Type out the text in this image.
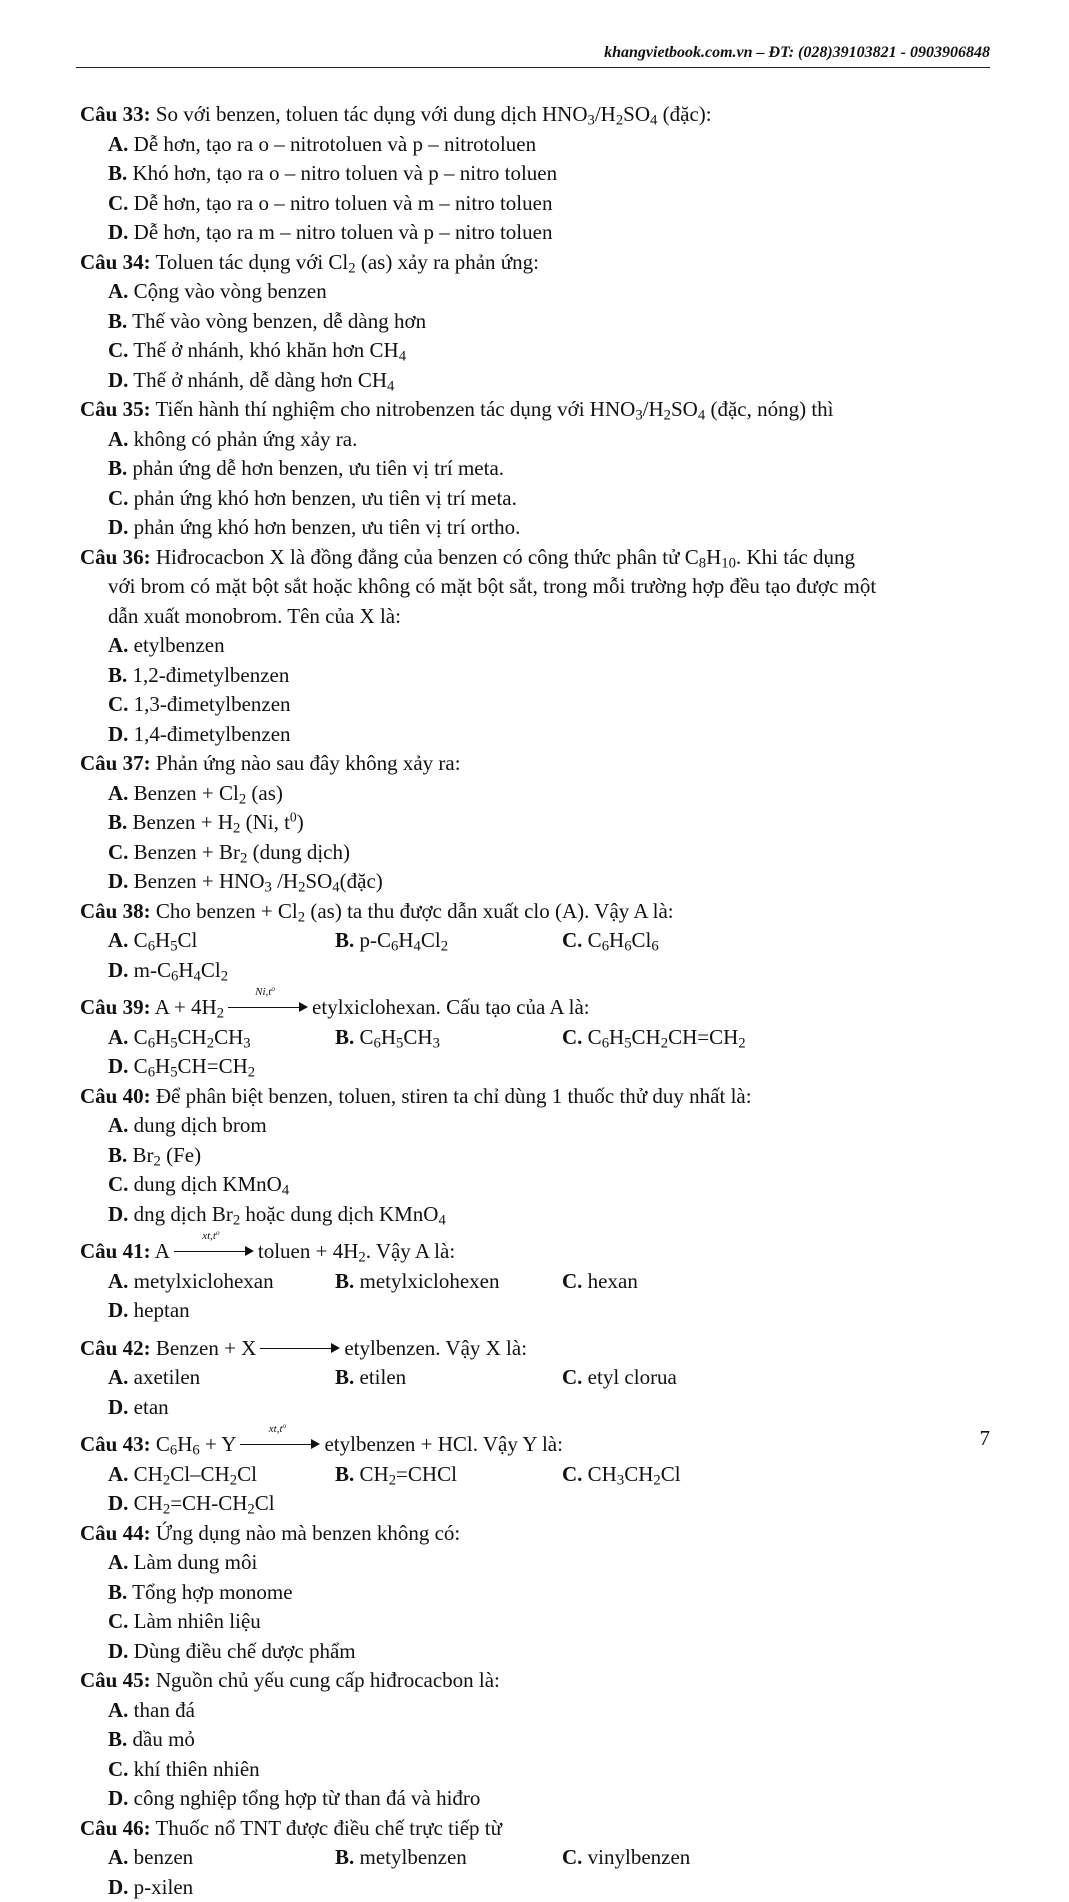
khangvietbook.com.vn – ĐT: (028)39103821 - 0903906848
Câu 33: So với benzen, toluen tác dụng với dung dịch $HNO_3/H_2SO_4$ (đặc):
A. Dễ hơn, tạo ra o – nitrotoluen và p – nitrotoluen
B. Khó hơn, tạo ra o – nitro toluen và p – nitro toluen
C. Dễ hơn, tạo ra o – nitro toluen và m – nitro toluen
D. Dễ hơn, tạo ra m – nitro toluen và p – nitro toluen
Câu 34: Toluen tác dụng với $Cl_2$ (as) xảy ra phản ứng:
A. Cộng vào vòng benzen
B. Thế vào vòng benzen, dễ dàng hơn
C. Thế ở nhánh, khó khăn hơn $CH_4$
D. Thế ở nhánh, dễ dàng hơn $CH_4$
Câu 35: Tiến hành thí nghiệm cho nitrobenzen tác dụng với $HNO_3/H_2SO_4$ (đặc, nóng) thì
A. không có phản ứng xảy ra.
B. phản ứng dễ hơn benzen, ưu tiên vị trí meta.
C. phản ứng khó hơn benzen, ưu tiên vị trí meta.
D. phản ứng khó hơn benzen, ưu tiên vị trí ortho.
Câu 36: Hiđrocacbon X là đồng đẳng của benzen có công thức phân tử $C_8H_{10}$. Khi tác dụng
với brom có mặt bột sắt hoặc không có mặt bột sắt, trong mỗi trường hợp đều tạo được một
dẫn xuất monobrom. Tên của X là:
A. etylbenzen
B. 1,2-đimetylbenzen
C. 1,3-đimetylbenzen
D. 1,4-đimetylbenzen
Câu 37: Phản ứng nào sau đây không xảy ra:
A. Benzen + $Cl_2$ (as)
B. Benzen + $H_2$ (Ni, $t^0$)
C. Benzen + $Br_2$ (dung dịch)
D. Benzen + $HNO_3$ $/H_2SO_4(đặc)$
Câu 38: Cho benzen + $Cl_2$ (as) ta thu được dẫn xuất clo (A). Vậy A là:
A. $C_6H_5Cl$	B. $p-C_6H_4Cl_2$	C. $C_6H_6Cl_6$
D. $m-C_6H_4Cl_2$
Câu 39: $A + 4H_2$
$Ni,t^o$
etylxiclohexan. Cấu tạo của A là:
A. $C_6H_5CH_2CH_3$	B. $C_6H_5CH_3$	C. $C_6H_5CH_2CH=CH_2$
D. $C_6H_5CH=CH_2$
Câu 40: Để phân biệt benzen, toluen, stiren ta chỉ dùng 1 thuốc thử duy nhất là:
A. dung dịch brom
B. $Br_2$ (Fe)
C. dung dịch KMnO$_4$
D. dng dịch $Br_2$ hoặc dung dịch KMnO$_4$
Câu 41: A
$xt,t^o$
toluen + $4H_2$. Vậy A là:
A. metylxiclohexan	B. metylxiclohexen	C. hexan
D. heptan
Câu 42: Benzen + X	etylbenzen. Vậy X là:
A. axetilen	B. etilen	C. etyl clorua
D. etan
Câu 43: $C_6H_6 + Y$
$xt,t^o$
etylbenzen + HCl. Vậy Y là:
A. $CH_2Cl-CH_2Cl$	B. $CH_2=CHCl$	C. $CH_3CH_2Cl$
D. $CH_2=CH-CH_2Cl$
Câu 44: Ứng dụng nào mà benzen không có:
A. Làm dung môi
B. Tổng hợp monome
C. Làm nhiên liệu
D. Dùng điều chế dược phẩm
Câu 45: Nguồn chủ yếu cung cấp hiđrocacbon là:
A. than đá
B. dầu mỏ
C. khí thiên nhiên
D. công nghiệp tổng hợp từ than đá và hiđro
Câu 46: Thuốc nổ TNT được điều chế trực tiếp từ
A. benzen	B. metylbenzen	C. vinylbenzen
D. p-xilen
7
